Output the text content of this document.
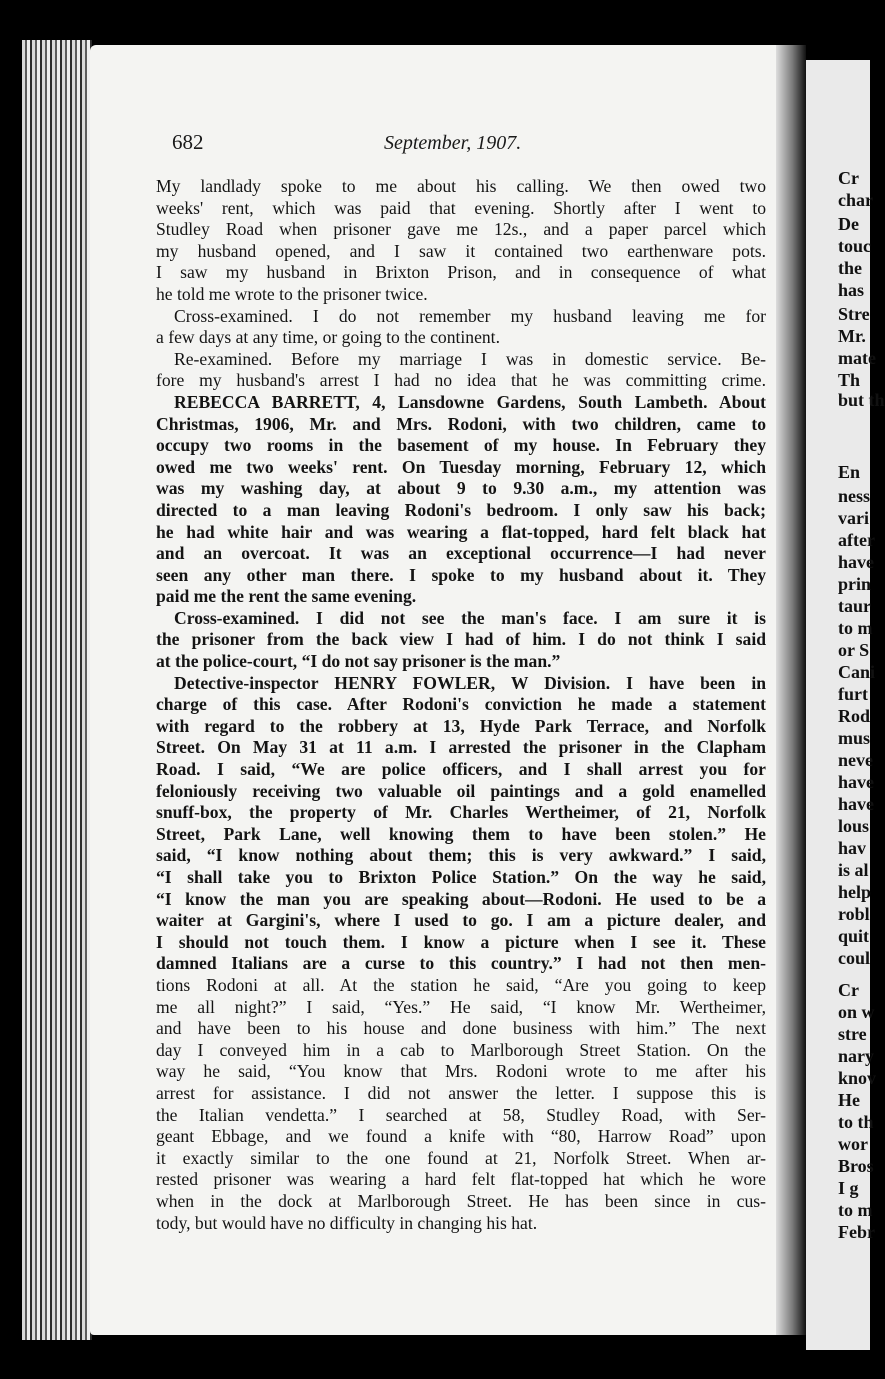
Cr
char
De
touc
the
has
Stre
Mr.
mate
Th
but th
En
ness
vari
after
have
prin
taur
to m
or S
Cani
furt
Rod
mus
neve
have
have
lous
hav
is al
help
robl
quit
coul
Cr
on w
stre
nary
knov
He
to th
wor
Bros
I g
to m
Febr
682	September, 1907.
My landlady spoke to me about his calling. We then owed two
weeks' rent, which was paid that evening. Shortly after I went to
Studley Road when prisoner gave me 12s., and a paper parcel which
my husband opened, and I saw it contained two earthenware pots.
I saw my husband in Brixton Prison, and in consequence of what
he told me wrote to the prisoner twice.
Cross-examined. I do not remember my husband leaving me for
a few days at any time, or going to the continent.
Re-examined. Before my marriage I was in domestic service. Be-
fore my husband's arrest I had no idea that he was committing crime.
REBECCA BARRETT, 4, Lansdowne Gardens, South Lambeth. About
Christmas, 1906, Mr. and Mrs. Rodoni, with two children, came to
occupy two rooms in the basement of my house. In February they
owed me two weeks' rent. On Tuesday morning, February 12, which
was my washing day, at about 9 to 9.30 a.m., my attention was
directed to a man leaving Rodoni's bedroom. I only saw his back;
he had white hair and was wearing a flat-topped, hard felt black hat
and an overcoat. It was an exceptional occurrence—I had never
seen any other man there. I spoke to my husband about it. They
paid me the rent the same evening.
Cross-examined. I did not see the man's face. I am sure it is
the prisoner from the back view I had of him. I do not think I said
at the police-court, “I do not say prisoner is the man.”
Detective-inspector HENRY FOWLER, W Division. I have been in
charge of this case. After Rodoni's conviction he made a statement
with regard to the robbery at 13, Hyde Park Terrace, and Norfolk
Street. On May 31 at 11 a.m. I arrested the prisoner in the Clapham
Road. I said, “We are police officers, and I shall arrest you for
feloniously receiving two valuable oil paintings and a gold enamelled
snuff-box, the property of Mr. Charles Wertheimer, of 21, Norfolk
Street, Park Lane, well knowing them to have been stolen.” He
said, “I know nothing about them; this is very awkward.” I said,
“I shall take you to Brixton Police Station.” On the way he said,
“I know the man you are speaking about—Rodoni. He used to be a
waiter at Gargini's, where I used to go. I am a picture dealer, and
I should not touch them. I know a picture when I see it. These
damned Italians are a curse to this country.” I had not then men-
tions Rodoni at all. At the station he said, “Are you going to keep
me all night?” I said, “Yes.” He said, “I know Mr. Wertheimer,
and have been to his house and done business with him.” The next
day I conveyed him in a cab to Marlborough Street Station. On the
way he said, “You know that Mrs. Rodoni wrote to me after his
arrest for assistance. I did not answer the letter. I suppose this is
the Italian vendetta.” I searched at 58, Studley Road, with Ser-
geant Ebbage, and we found a knife with “80, Harrow Road” upon
it exactly similar to the one found at 21, Norfolk Street. When ar-
rested prisoner was wearing a hard felt flat-topped hat which he wore
when in the dock at Marlborough Street. He has been since in cus-
tody, but would have no difficulty in changing his hat.
